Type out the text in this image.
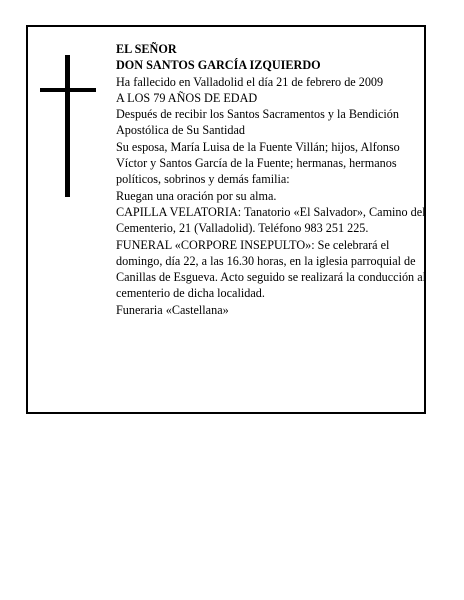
EL SEÑOR
DON SANTOS GARCÍA IZQUIERDO
Ha fallecido en Valladolid el día 21 de febrero de 2009
A LOS 79 AÑOS DE EDAD
Después de recibir los Santos Sacramentos y la Bendición Apostólica de Su Santidad
Su esposa, María Luisa de la Fuente Villán; hijos, Alfonso Víctor y Santos García de la Fuente; hermanas, hermanos políticos, sobrinos y demás familia:
Ruegan una oración por su alma.
CAPILLA VELATORIA: Tanatorio «El Salvador», Camino del Cementerio, 21 (Valladolid). Teléfono 983 251 225.
FUNERAL «CORPORE INSEPULTO»: Se celebrará el domingo, día 22, a las 16.30 horas, en la iglesia parroquial de Canillas de Esgueva. Acto seguido se realizará la conducción al cementerio de dicha localidad.
Funeraria «Castellana»
